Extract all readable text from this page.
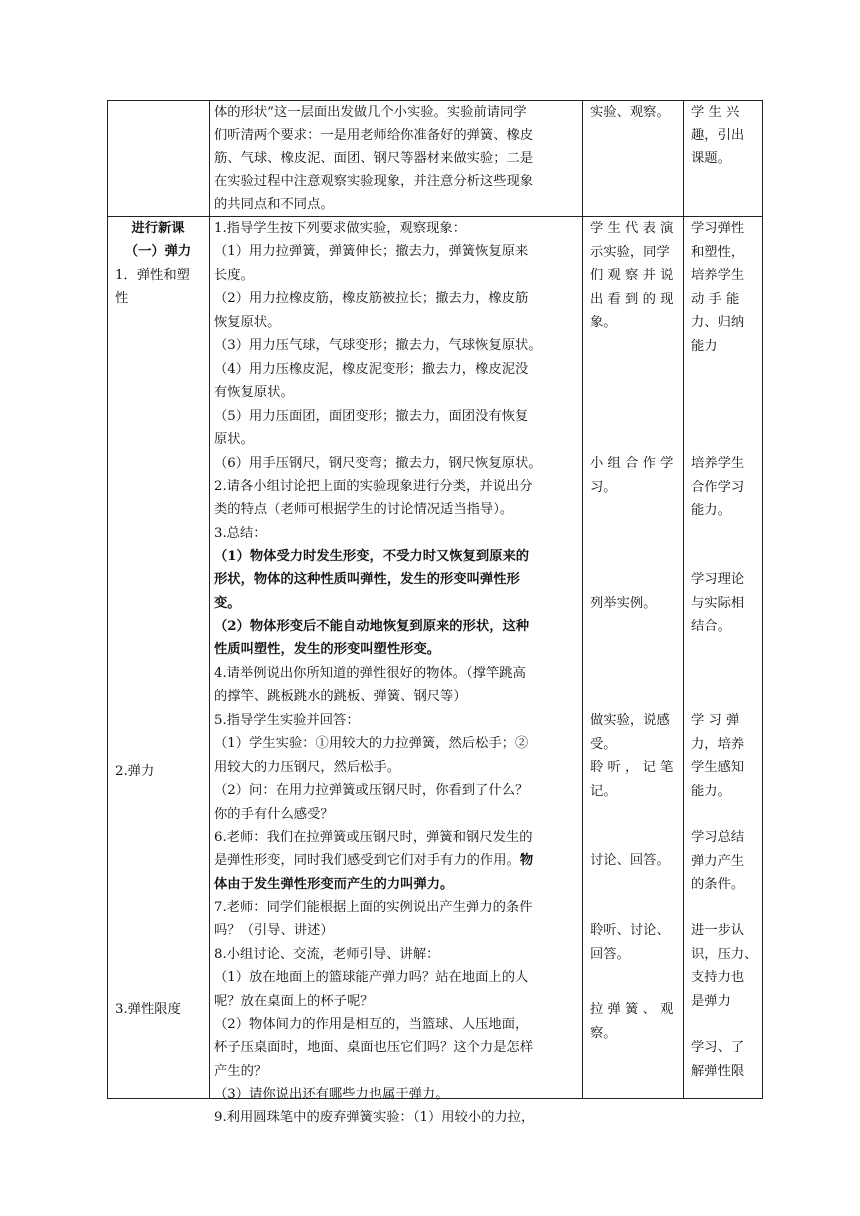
体的形状”这一层面出发做几个小实验。实验前请同学
们听清两个要求：一是用老师给你准备好的弹簧、橡皮
筋、气球、橡皮泥、面团、钢尺等器材来做实验；二是
在实验过程中注意观察实验现象，并注意分析这些现象
的共同点和不同点。
实验、观察。 学 生 兴
趣，引出
课题。
进行新课
（一）弹力
1．弹性和塑
性
2.弹力
3.弹性限度
1.指导学生按下列要求做实验，观察现象：
（1）用力拉弹簧，弹簧伸长；撤去力，弹簧恢复原来
长度。
（2）用力拉橡皮筋，橡皮筋被拉长；撤去力，橡皮筋
恢复原状。
（3）用力压气球，气球变形；撤去力，气球恢复原状。
（4）用力压橡皮泥，橡皮泥变形；撤去力，橡皮泥没
有恢复原状。
（5）用力压面团，面团变形；撤去力，面团没有恢复
原状。
（6）用手压钢尺，钢尺变弯；撤去力，钢尺恢复原状。
2.请各小组讨论把上面的实验现象进行分类，并说出分
类的特点（老师可根据学生的讨论情况适当指导）。
3.总结：
（1）物体受力时发生形变，不受力时又恢复到原来的
形状，物体的这种性质叫弹性，发生的形变叫弹性形
变。
（2）物体形变后不能自动地恢复到原来的形状，这种
性质叫塑性，发生的形变叫塑性形变。
4.请举例说出你所知道的弹性很好的物体。（撑竿跳高
的撑竿、跳板跳水的跳板、弹簧、钢尺等）
5.指导学生实验并回答：
（1）学生实验：①用较大的力拉弹簧，然后松手；②
用较大的力压钢尺，然后松手。
（2）问：在用力拉弹簧或压钢尺时，你看到了什么？
你的手有什么感受？
6.老师：我们在拉弹簧或压钢尺时，弹簧和钢尺发生的
是弹性形变，同时我们感受到它们对手有力的作用。物
体由于发生弹性形变而产生的力叫弹力。
7.老师：同学们能根据上面的实例说出产生弹力的条件
吗？（引导、讲述）
8.小组讨论、交流，老师引导、讲解：
（1）放在地面上的篮球能产弹力吗？站在地面上的人
呢？放在桌面上的杯子呢？
（2）物体间力的作用是相互的，当篮球、人压地面，
杯子压桌面时，地面、桌面也压它们吗？这个力是怎样
产生的？
（3）请你说出还有哪些力也属于弹力。
9.利用圆珠笔中的废弃弹簧实验：（1）用较小的力拉，
学 生 代 表 演
示实验，同学
们 观 察 并 说
出 看 到 的 现
象。
小 组 合 作 学
习。
列举实例。
做实验，说感
受。
聆 听 ， 记 笔
记。
讨论、回答。
聆听、讨论、
回答。
拉 弹 簧 、 观
察。
学习弹性
和塑性，
培养学生
动 手 能
力、归纳
能力
培养学生
合作学习
能力。
学习理论
与实际相
结合。
学 习 弹
力，培养
学生感知
能力。
学习总结
弹力产生
的条件。
进一步认
识，压力、
支持力也
是弹力
学习、了
解弹性限
